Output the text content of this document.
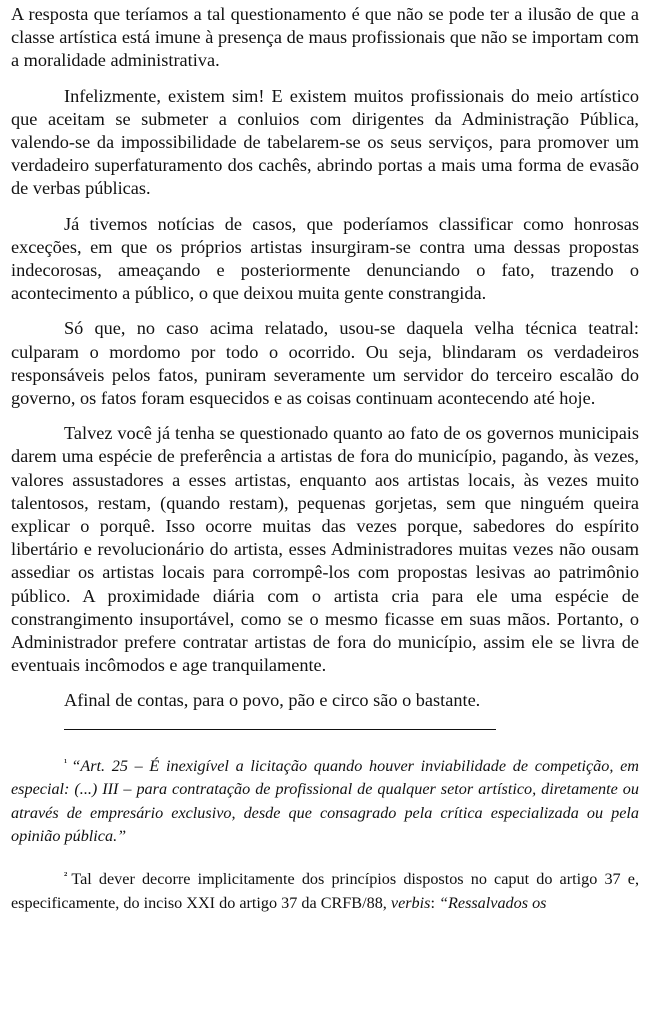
A resposta que teríamos a tal questionamento é que não se pode ter a ilusão de que a classe artística está imune à presença de maus profissionais que não se importam com a moralidade administrativa.

Infelizmente, existem sim! E existem muitos profissionais do meio artístico que aceitam se submeter a conluios com dirigentes da Administração Pública, valendo-se da impossibilidade de tabelarem-se os seus serviços, para promover um verdadeiro superfaturamento dos cachês, abrindo portas a mais uma forma de evasão de verbas públicas.

Já tivemos notícias de casos, que poderíamos classificar como honrosas exceções, em que os próprios artistas insurgiram-se contra uma dessas propostas indecorosas, ameaçando e posteriormente denunciando o fato, trazendo o acontecimento a público, o que deixou muita gente constrangida.

Só que, no caso acima relatado, usou-se daquela velha técnica teatral: culparam o mordomo por todo o ocorrido. Ou seja, blindaram os verdadeiros responsáveis pelos fatos, puniram severamente um servidor do terceiro escalão do governo, os fatos foram esquecidos e as coisas continuam acontecendo até hoje.

Talvez você já tenha se questionado quanto ao fato de os governos municipais darem uma espécie de preferência a artistas de fora do município, pagando, às vezes, valores assustadores a esses artistas, enquanto aos artistas locais, às vezes muito talentosos, restam, (quando restam), pequenas gorjetas, sem que ninguém queira explicar o porquê. Isso ocorre muitas das vezes porque, sabedores do espírito libertário e revolucionário do artista, esses Administradores muitas vezes não ousam assediar os artistas locais para corrompê-los com propostas lesivas ao patrimônio público. A proximidade diária com o artista cria para ele uma espécie de constrangimento insuportável, como se o mesmo ficasse em suas mãos. Portanto, o Administrador prefere contratar artistas de fora do município, assim ele se livra de eventuais incômodos e age tranquilamente.

Afinal de contas, para o povo, pão e circo são o bastante.

$^{^1}$ “Art. 25 – É inexigível a licitação quando houver inviabilidade de competição, em especial: (...) III – para contratação de profissional de qualquer setor artístico, diretamente ou através de empresário exclusivo, desde que consagrado pela crítica especializada ou pela opinião pública.”

$^{^2}$ Tal dever decorre implicitamente dos princípios dispostos no caput do artigo 37 e, especificamente, do inciso XXI do artigo 37 da CRFB/88, verbis: “Ressalvados os
